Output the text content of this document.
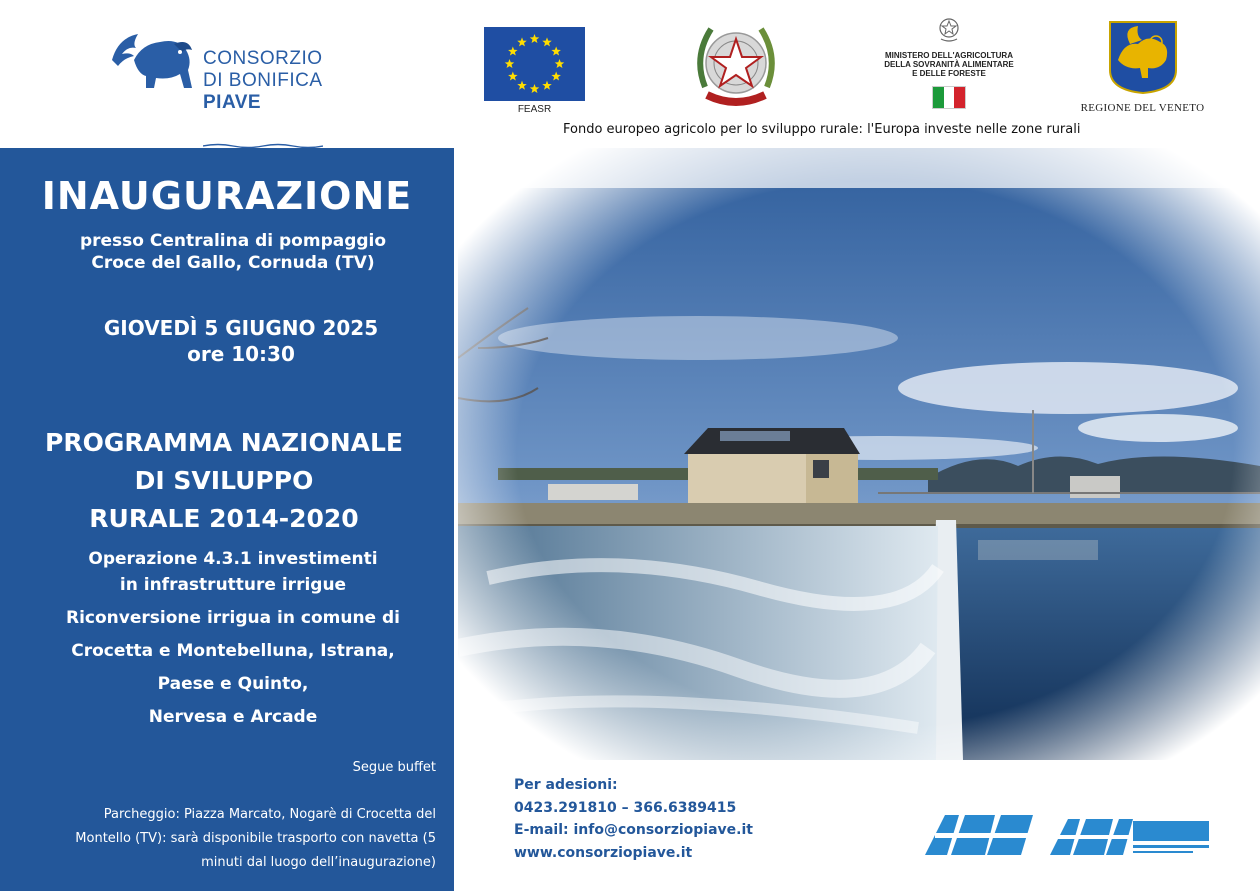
CONSORZIO
DI BONIFICA
PIAVE	FEASR
MINISTERO DELL'AGRICOLTURA
DELLA SOVRANITÀ ALIMENTARE
E DELLE FORESTE
REGIONE DEL VENETO
Fondo europeo agricolo per lo sviluppo rurale: l'Europa investe nelle zone rurali
INAUGURAZIONE
presso Centralina di pompaggio
Croce del Gallo, Cornuda (TV)
GIOVEDÌ 5 GIUGNO 2025
ore 10:30
PROGRAMMA NAZIONALE
DI SVILUPPO
RURALE 2014-2020
Operazione 4.3.1 investimenti
in infrastrutture irrigue
Riconversione irrigua in comune di
Crocetta e Montebelluna, Istrana,
Paese e Quinto,
Nervesa e Arcade
Segue buffet
Parcheggio: Piazza Marcato, Nogarè di Crocetta del
Montello (TV): sarà disponibile trasporto con navetta (5
minuti dal luogo dell’inaugurazione)
Per adesioni:
0423.291810 – 366.6389415
E-mail: info@consorziopiave.it
www.consorziopiave.it
